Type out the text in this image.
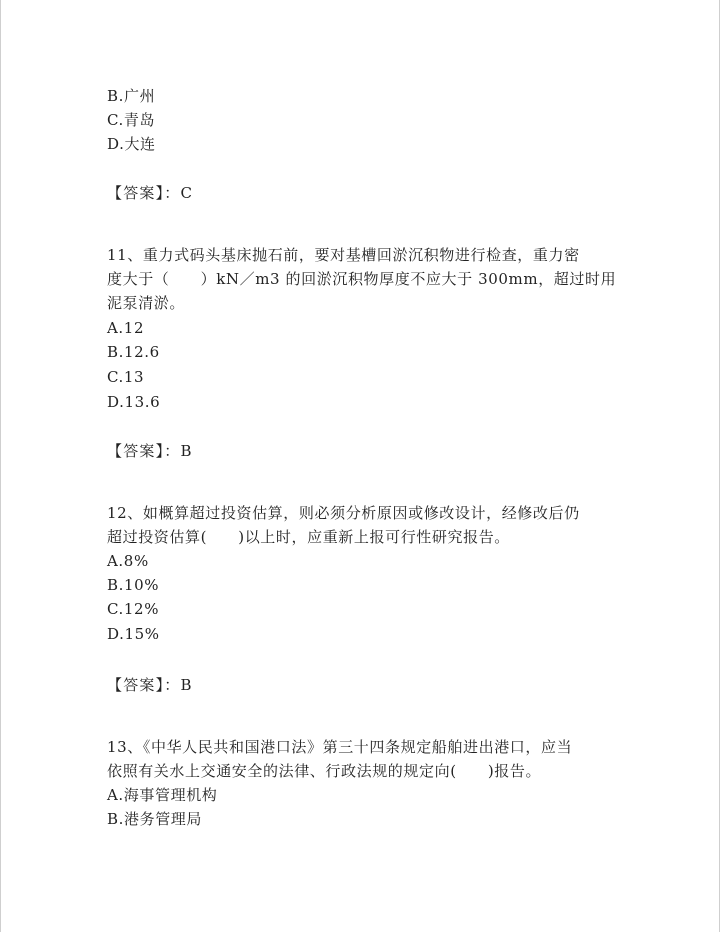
B.广州
C.青岛
D.大连
【答案】：C
11、重力式码头基床抛石前，要对基槽回淤沉积物进行检查，重力密
度大于（　　）kN／m3 的回淤沉积物厚度不应大于 300mm，超过时用
泥泵清淤。
A.12
B.12.6
C.13
D.13.6
【答案】：B
12、如概算超过投资估算，则必须分析原因或修改设计，经修改后仍
超过投资估算(　　)以上时，应重新上报可行性研究报告。
A.8%
B.10%
C.12%
D.15%
【答案】：B
13、《中华人民共和国港口法》第三十四条规定船舶进出港口，应当
依照有关水上交通安全的法律、行政法规的规定向(　　)报告。
A.海事管理机构
B.港务管理局
